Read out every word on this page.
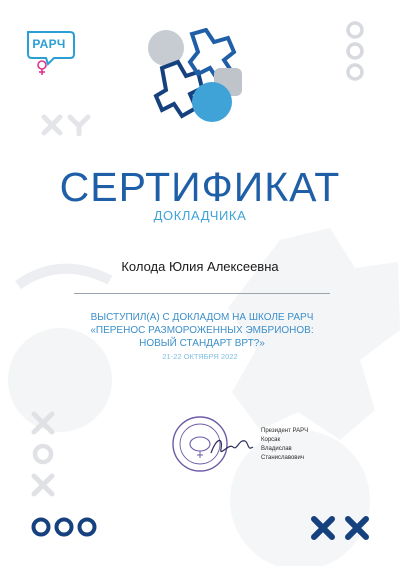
РАРЧ
СЕРТИФИКАТ
ДОКЛАДЧИКА
Колода Юлия Алексеевна
ВЫСТУПИЛ(А) С ДОКЛАДОМ НА ШКОЛЕ РАРЧ
«ПЕРЕНОС РАЗМОРОЖЕННЫХ ЭМБРИОНОВ:
НОВЫЙ СТАНДАРТ ВРТ?»
21-22 ОКТЯБРЯ 2022
Президент РАРЧ
Корсак
Владислав
Станиславович
